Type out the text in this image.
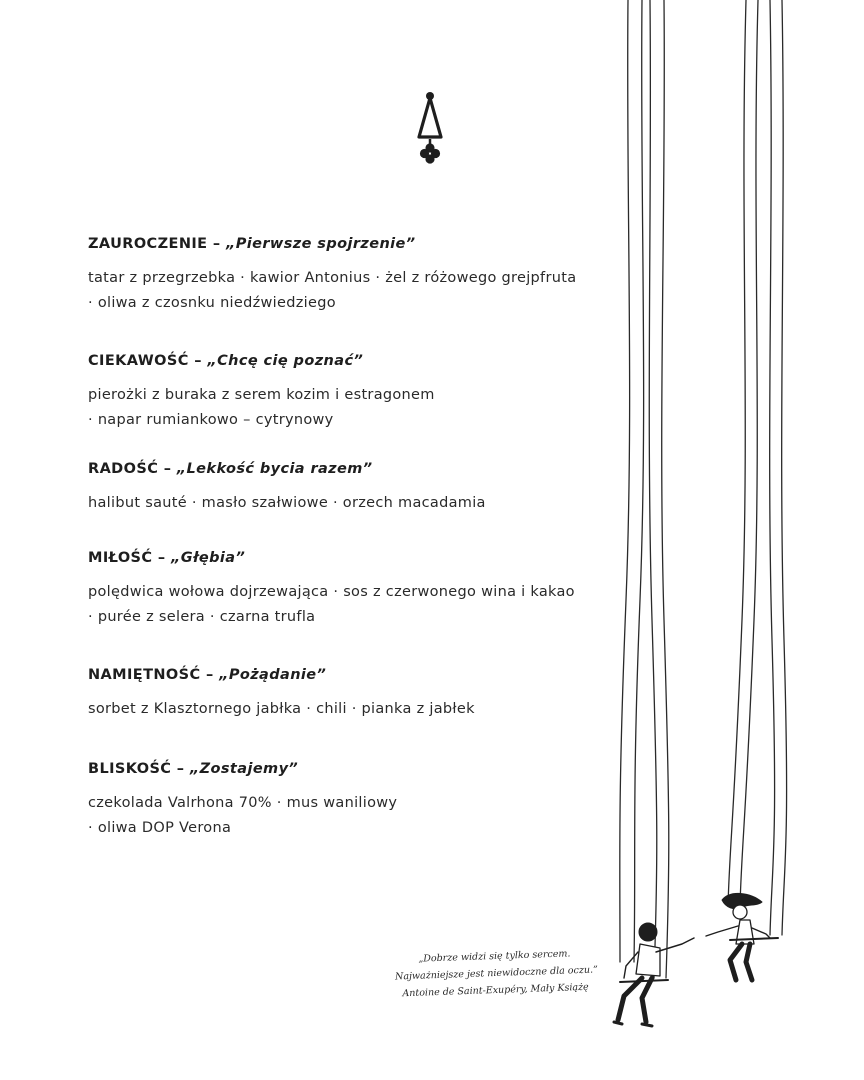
ZAUROCZENIE – „Pierwsze spojrzenie”
tatar z przegrzebka · kawior Antonius · żel z różowego grejpfruta
· oliwa z czosnku niedźwiedziego
CIEKAWOŚĆ – „Chcę cię poznać”
pierożki z buraka z serem kozim i estragonem
· napar rumiankowo – cytrynowy
RADOŚĆ – „Lekkość bycia razem”
halibut sauté · masło szałwiowe · orzech macadamia
MIŁOŚĆ – „Głębia”
polędwica wołowa dojrzewająca · sos z czerwonego wina i kakao
· purée z selera · czarna trufla
NAMIĘTNOŚĆ – „Pożądanie”
sorbet z Klasztornego jabłka · chili · pianka z jabłek
BLISKOŚĆ – „Zostajemy”
czekolada Valrhona 70% · mus waniliowy
· oliwa DOP Verona
„Dobrze widzi się tylko sercem.
Najważniejsze jest niewidoczne dla oczu.”
Antoine de Saint-Exupéry, Mały Książę
